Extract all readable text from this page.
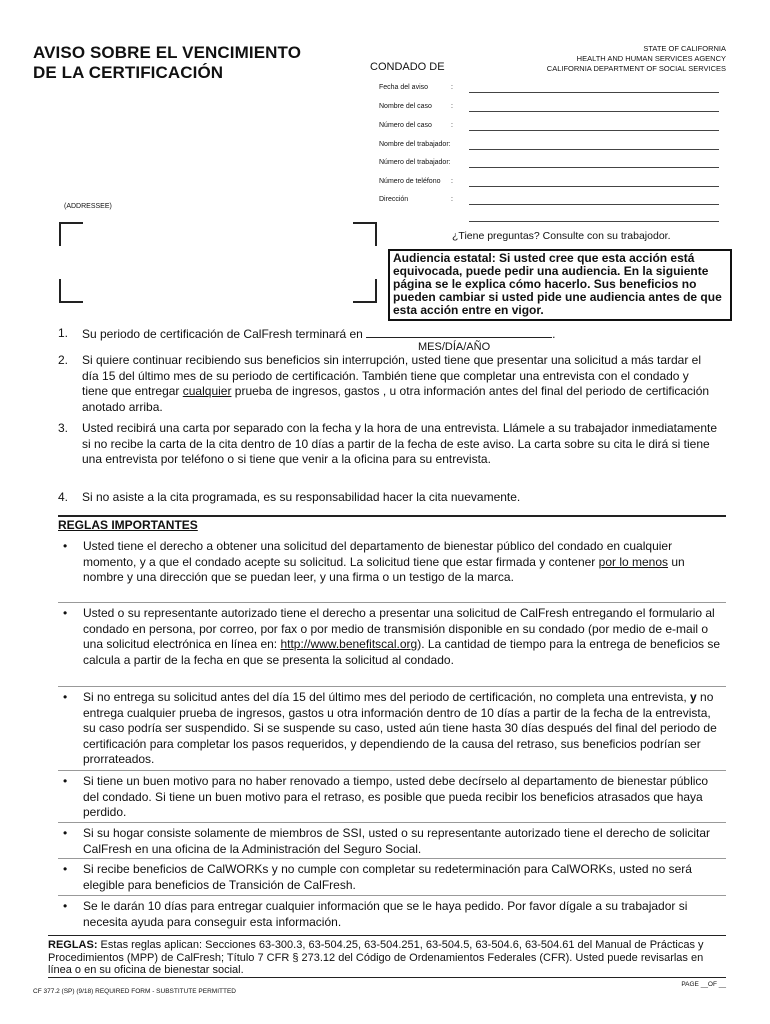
AVISO SOBRE EL VENCIMIENTO
DE LA CERTIFICACIÓN	CONDADO DE
STATE OF CALIFORNIA
HEALTH AND HUMAN SERVICES AGENCY
CALIFORNIA DEPARTMENT OF SOCIAL SERVICES
Fecha del aviso	:
Nombre del caso	:
Número del caso	:
Nombre del trabajador:
Número del trabajador:
Número de teléfono :
Dirección	:
(ADDRESSEE)
¿Tiene preguntas? Consulte con su trabajodor.
Audiencia estatal: Si usted cree que esta acción está equivocada, puede pedir una audiencia. En la siguiente página se le explica cómo hacerlo. Sus beneficios no pueden cambiar si usted pide une audiencia antes de que esta acción entre en vigor.
1. Su periodo de certificación de CalFresh terminará en	.
MES/DÍA/AÑO
2. Si quiere continuar recibiendo sus beneficios sin interrupción, usted tiene que presentar una solicitud a más tardar el día 15 del último mes de su periodo de certificación. También tiene que completar una entrevista con el condado y tiene que entregar cualquier prueba de ingresos, gastos , u otra información antes del final del periodo de certificación anotado arriba.
3. Usted recibirá una carta por separado con la fecha y la hora de una entrevista. Llámele a su trabajador inmediatamente si no recibe la carta de la cita dentro de 10 días a partir de la fecha de este aviso. La carta sobre su cita le dirá si tiene una entrevista por teléfono o si tiene que venir a la oficina para su entrevista.
4. Si no asiste a la cita programada, es su responsabilidad hacer la cita nuevamente.
REGLAS IMPORTANTES
• Usted tiene el derecho a obtener una solicitud del departamento de bienestar público del condado en cualquier momento, y a que el condado acepte su solicitud. La solicitud tiene que estar firmada y contener por lo menos un nombre y una dirección que se puedan leer, y una firma o un testigo de la marca.
• Usted o su representante autorizado tiene el derecho a presentar una solicitud de CalFresh entregando el formulario al condado en persona, por correo, por fax o por medio de transmisión disponible en su condado (por medio de e-mail o una solicitud electrónica en línea en: http://www.benefitscal.org). La cantidad de tiempo para la entrega de beneficios se calcula a partir de la fecha en que se presenta la solicitud al condado.
• Si no entrega su solicitud antes del día 15 del último mes del periodo de certificación, no completa una entrevista, y no entrega cualquier prueba de ingresos, gastos u otra información dentro de 10 días a partir de la fecha de la entrevista, su caso podría ser suspendido. Si se suspende su caso, usted aún tiene hasta 30 días después del final del periodo de certificación para completar los pasos requeridos, y dependiendo de la causa del retraso, sus beneficios podrían ser prorrateados.
• Si tiene un buen motivo para no haber renovado a tiempo, usted debe decírselo al departamento de bienestar público del condado. Si tiene un buen motivo para el retraso, es posible que pueda recibir los beneficios atrasados que haya perdido.
• Si su hogar consiste solamente de miembros de SSI, usted o su representante autorizado tiene el derecho de solicitar CalFresh en una oficina de la Administración del Seguro Social.
• Si recibe beneficios de CalWORKs y no cumple con completar su redeterminación para CalWORKs, usted no será elegible para beneficios de Transición de CalFresh.
• Se le darán 10 días para entregar cualquier información que se le haya pedido. Por favor dígale a su trabajador si necesita ayuda para conseguir esta información.
REGLAS: Estas reglas aplican: Secciones 63-300.3, 63-504.25, 63-504.251, 63-504.5, 63-504.6, 63-504.61 del Manual de Prácticas y Procedimientos (MPP) de CalFresh; Título 7 CFR § 273.12 del Código de Ordenamientos Federales (CFR). Usted puede revisarlas en línea o en su oficina de bienestar social.
CF 377.2 (SP) (9/18) REQUIRED FORM - SUBSTITUTE PERMITTED
PAGE __OF __
